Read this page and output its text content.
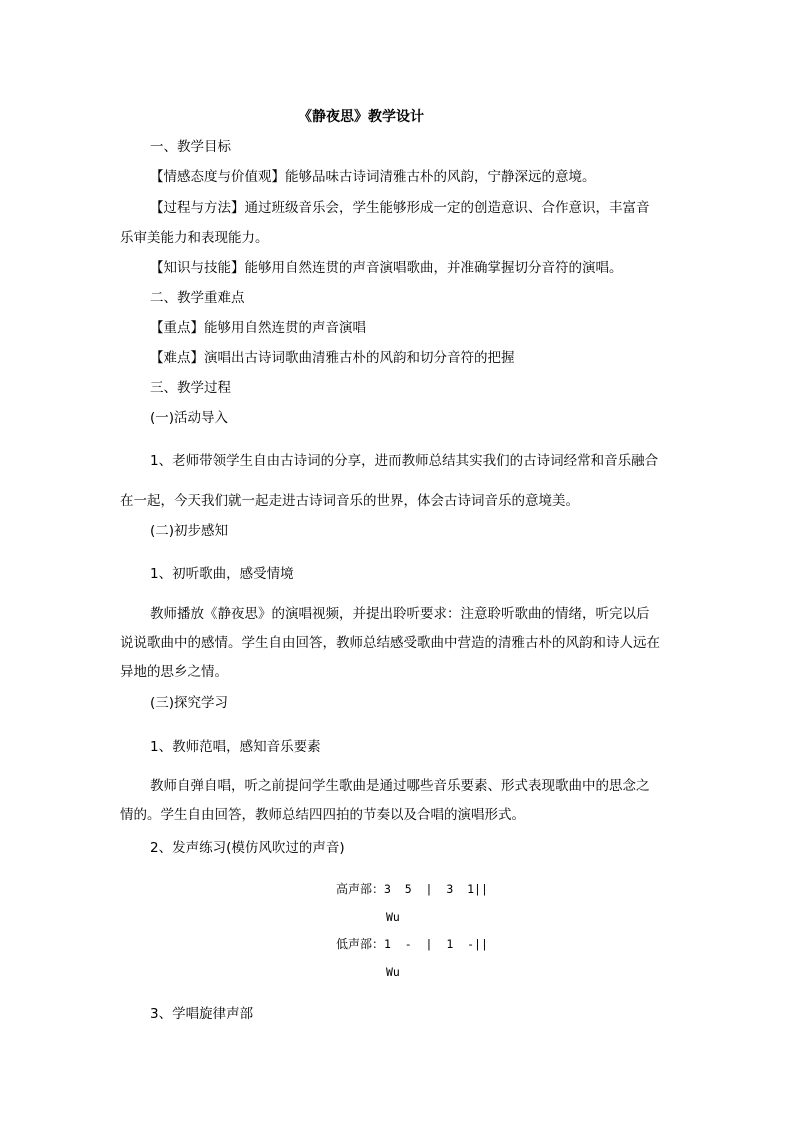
《静夜思》教学设计
一、教学目标
【情感态度与价值观】能够品味古诗词清雅古朴的风韵，宁静深远的意境。
【过程与方法】通过班级音乐会，学生能够形成一定的创造意识、合作意识，丰富音
乐审美能力和表现能力。
【知识与技能】能够用自然连贯的声音演唱歌曲，并准确掌握切分音符的演唱。
二、教学重难点
【重点】能够用自然连贯的声音演唱
【难点】演唱出古诗词歌曲清雅古朴的风韵和切分音符的把握
三、教学过程
(一)活动导入
1、老师带领学生自由古诗词的分享，进而教师总结其实我们的古诗词经常和音乐融合
在一起，今天我们就一起走进古诗词音乐的世界，体会古诗词音乐的意境美。
(二)初步感知
1、初听歌曲，感受情境
教师播放《静夜思》的演唱视频，并提出聆听要求：注意聆听歌曲的情绪，听完以后
说说歌曲中的感情。学生自由回答，教师总结感受歌曲中营造的清雅古朴的风韵和诗人远在
异地的思乡之情。
(三)探究学习
1、教师范唱，感知音乐要素
教师自弹自唱，听之前提问学生歌曲是通过哪些音乐要素、形式表现歌曲中的思念之
情的。学生自由回答，教师总结四四拍的节奏以及合唱的演唱形式。
2、发声练习(模仿风吹过的声音)
高声部：3  5  |  3  1||
Wu
低声部：1  -  |  1  -||
Wu
3、学唱旋律声部
